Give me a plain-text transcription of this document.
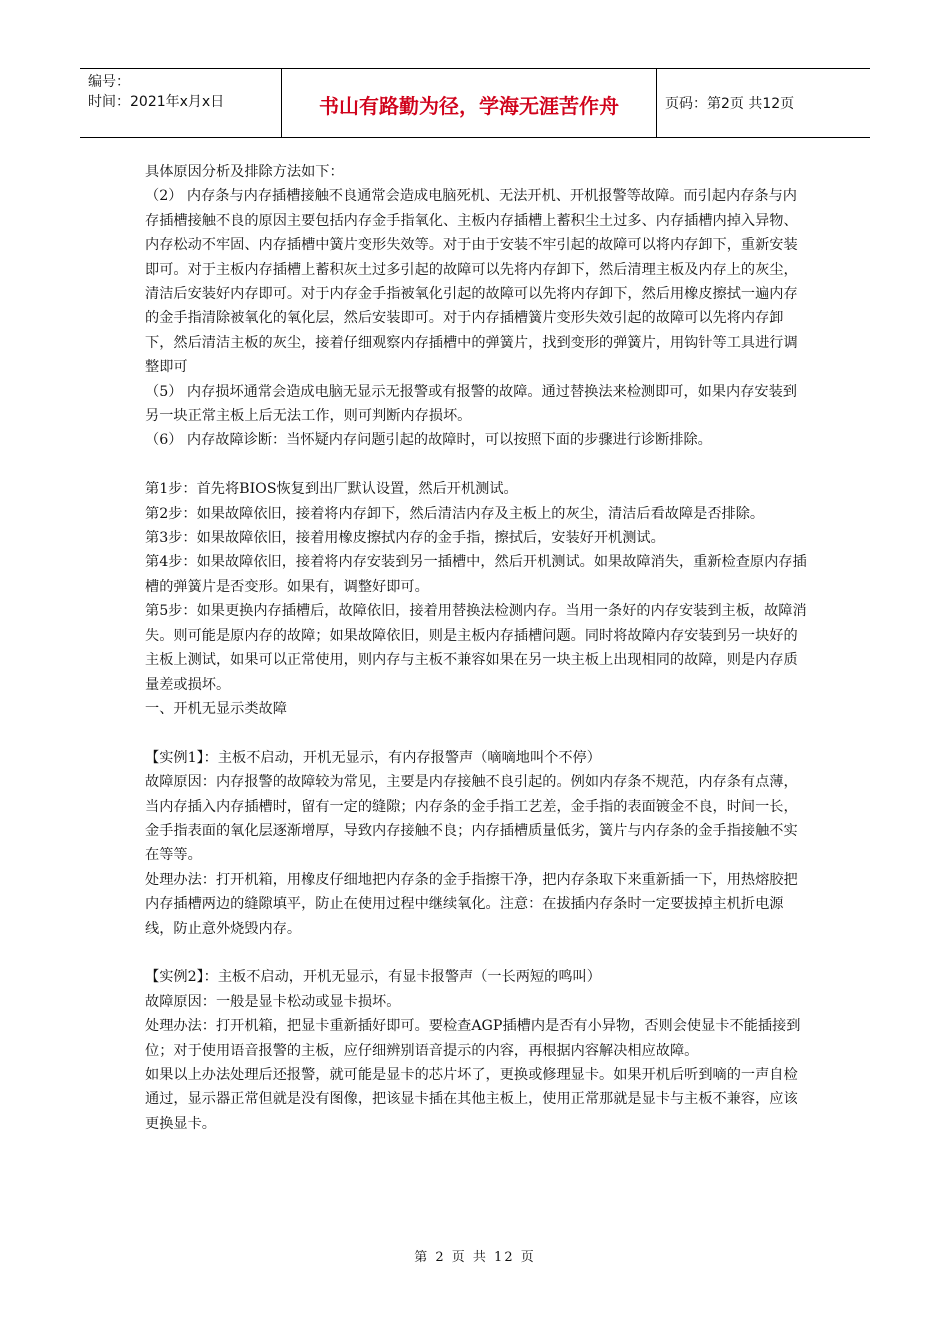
编号：
时间：2021年x月x日	书山有路勤为径，学海无涯苦作舟	页码：第2页 共12页

具体原因分析及排除方法如下：

（2） 内存条与内存插槽接触不良通常会造成电脑死机、无法开机、开机报警等故障。而引起内存条与内存插槽接触不良的原因主要包括内存金手指氧化、主板内存插槽上蓄积尘土过多、内存插槽内掉入异物、内存松动不牢固、内存插槽中簧片变形失效等。对于由于安装不牢引起的故障可以将内存卸下，重新安装即可。对于主板内存插槽上蓄积灰土过多引起的故障可以先将内存卸下，然后清理主板及内存上的灰尘，清洁后安装好内存即可。对于内存金手指被氧化引起的故障可以先将内存卸下，然后用橡皮擦拭一遍内存的金手指清除被氧化的氧化层，然后安装即可。对于内存插槽簧片变形失效引起的故障可以先将内存卸下，然后清洁主板的灰尘，接着仔细观察内存插槽中的弹簧片，找到变形的弹簧片，用钩针等工具进行调整即可

（5） 内存损坏通常会造成电脑无显示无报警或有报警的故障。通过替换法来检测即可，如果内存安装到另一块正常主板上后无法工作，则可判断内存损坏。

（6） 内存故障诊断：当怀疑内存问题引起的故障时，可以按照下面的步骤进行诊断排除。

第1步：首先将BIOS恢复到出厂默认设置，然后开机测试。

第2步：如果故障依旧，接着将内存卸下，然后清洁内存及主板上的灰尘，清洁后看故障是否排除。

第3步：如果故障依旧，接着用橡皮擦拭内存的金手指，擦拭后，安装好开机测试。

第4步：如果故障依旧，接着将内存安装到另一插槽中，然后开机测试。如果故障消失，重新检查原内存插槽的弹簧片是否变形。如果有，调整好即可。

第5步：如果更换内存插槽后，故障依旧，接着用替换法检测内存。当用一条好的内存安装到主板，故障消失。则可能是原内存的故障；如果故障依旧，则是主板内存插槽问题。同时将故障内存安装到另一块好的主板上测试，如果可以正常使用，则内存与主板不兼容如果在另一块主板上出现相同的故障，则是内存质量差或损坏。

一、开机无显示类故障

【实例1】：主板不启动，开机无显示，有内存报警声（嘀嘀地叫个不停）

故障原因：内存报警的故障较为常见，主要是内存接触不良引起的。例如内存条不规范，内存条有点薄，当内存插入内存插槽时，留有一定的缝隙；内存条的金手指工艺差，金手指的表面镀金不良，时间一长，金手指表面的氧化层逐渐增厚，导致内存接触不良；内存插槽质量低劣，簧片与内存条的金手指接触不实在等等。

处理办法：打开机箱，用橡皮仔细地把内存条的金手指擦干净，把内存条取下来重新插一下，用热熔胶把内存插槽两边的缝隙填平，防止在使用过程中继续氧化。注意：在拔插内存条时一定要拔掉主机折电源线，防止意外烧毁内存。

【实例2】：主板不启动，开机无显示，有显卡报警声（一长两短的鸣叫）

故障原因：一般是显卡松动或显卡损坏。

处理办法：打开机箱，把显卡重新插好即可。要检查AGP插槽内是否有小异物，否则会使显卡不能插接到位；对于使用语音报警的主板，应仔细辨别语音提示的内容，再根据内容解决相应故障。

如果以上办法处理后还报警，就可能是显卡的芯片坏了，更换或修理显卡。如果开机后听到嘀的一声自检通过，显示器正常但就是没有图像，把该显卡插在其他主板上，使用正常那就是显卡与主板不兼容，应该更换显卡。

第 2 页 共 12 页
